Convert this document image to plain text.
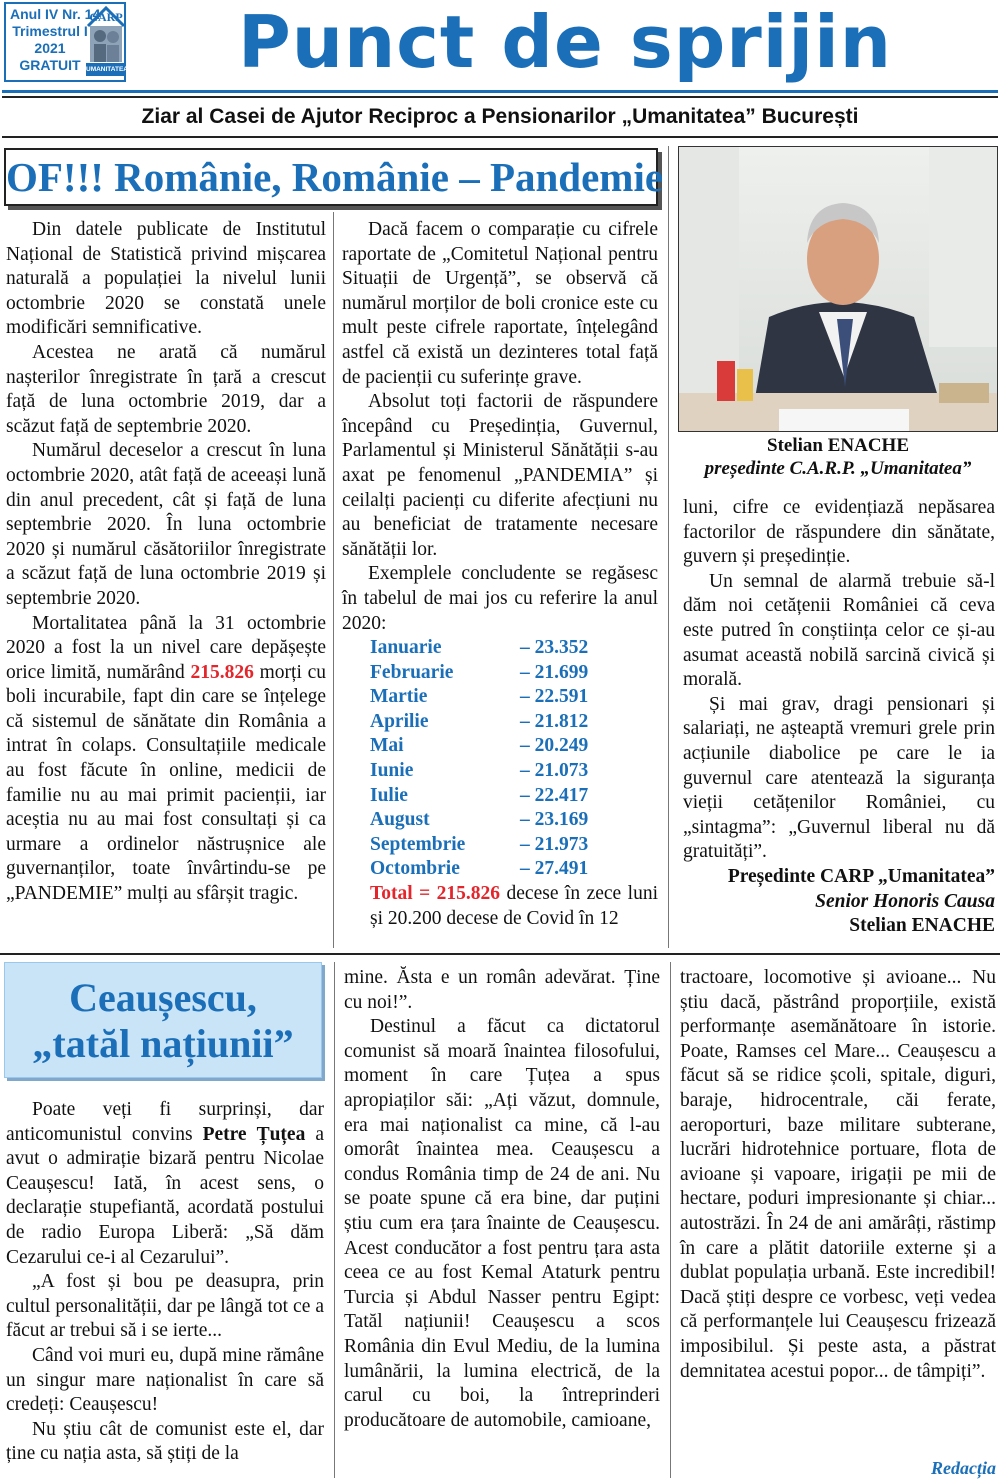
Anul IV Nr. 14
Trimestrul I
2021
GRATUIT
CARP
UMANITATEA	Punct de sprijin
Ziar al Casei de Ajutor Reciproc a Pensionarilor „Umanitatea” București
OF!!! Românie, Românie – Pandemie

Din datele publicate de Institutul Național de Statistică privind mișcarea naturală a populației la nivelul lunii octombrie 2020 se constată unele modificări semnificative.

Acestea ne arată că numărul nașterilor înregistrate în țară a crescut față de luna octombrie 2019, dar a scăzut față de septembrie 2020.

Numărul deceselor a crescut în luna octombrie 2020, atât față de aceeași lună din anul precedent, cât și față de luna septembrie 2020. În luna octombrie 2020 și numărul căsătoriilor înregistrate a scăzut față de luna octombrie 2019 și septembrie 2020.

Mortalitatea până la 31 octombrie 2020 a fost la un nivel care depășește orice limită, numărând 215.826 morți cu boli incurabile, fapt din care se înțelege că sistemul de sănătate din România a intrat în colaps. Consultațiile medicale au fost făcute în online, medicii de familie nu au mai primit pacienții, iar aceștia nu au mai fost consultați și ca urmare a ordinelor năstrușnice ale guvernanților, toate învârtindu-se pe „PANDEMIE” mulți au sfârșit tragic.

Dacă facem o comparație cu cifrele raportate de „Comitetul Național pentru Situații de Urgență”, se observă că numărul morților de boli cronice este cu mult peste cifrele raportate, înțelegând astfel că există un dezinteres total față de pacienții cu suferințe grave.

Absolut toți factorii de răspundere începând cu Președinția, Guvernul, Parlamentul și Ministerul Sănătății s-au axat pe fenomenul „PANDEMIA” și ceilalți pacienți cu diferite afecțiuni nu au beneficiat de tratamente necesare sănătății lor.

Exemplele concludente se regăsesc în tabelul de mai jos cu referire la anul 2020:

Ianuarie	– 23.352
Februarie	– 21.699
Martie	– 22.591
Aprilie	– 21.812
Mai	– 20.249
Iunie	– 21.073
Iulie	– 22.417
August	– 23.169
Septembrie	– 21.973
Octombrie	– 27.491

Total = 215.826 decese în zece luni și 20.200 decese de Covid în 12

Stelian ENACHE
președinte C.A.R.P. „Umanitatea”

luni, cifre ce evidențiază nepăsarea factorilor de răspundere din sănătate, guvern și președinție.

Un semnal de alarmă trebuie să-l dăm noi cetățenii României că ceva este putred în conștiința celor ce și-au asumat această nobilă sarcină civică și morală.

Și mai grav, dragi pensionari și salariați, ne așteaptă vremuri grele prin acțiunile diabolice pe care le ia guvernul care atentează la siguranța vieții cetățenilor României, cu „sintagma”: „Guvernul liberal nu dă gratuități”.

Președinte CARP „Umanitatea”

Senior Honoris Causa

Stelian ENACHE

Ceaușescu,
„tatăl națiunii”

Poate veți fi surprinși, dar anticomunistul convins Petre Țuțea a avut o admirație bizară pentru Nicolae Ceaușescu! Iată, în acest sens, o declarație stupefiantă, acordată postului de radio Europa Liberă: „Să dăm Cezarului ce-i al Cezarului”.

„A fost și bou pe deasupra, prin cultul personalității, dar pe lângă tot ce a făcut ar trebui să i se ierte...

Când voi muri eu, după mine rămâne un singur mare naționalist în care să credeți: Ceaușescu!

Nu știu cât de comunist este el, dar ține cu nația asta, să știți de la

mine. Ăsta e un român adevărat. Ține cu noi!”.

Destinul a făcut ca dictatorul comunist să moară înaintea filosofului, moment în care Țuțea a spus apropiaților săi: „Ați văzut, domnule, era mai naționalist ca mine, că l-au omorât înaintea mea. Ceaușescu a condus România timp de 24 de ani. Nu se poate spune că era bine, dar puțini știu cum era țara înainte de Ceaușescu. Acest conducător a fost pentru țara asta ceea ce au fost Kemal Ataturk pentru Turcia și Abdul Nasser pentru Egipt: Tatăl națiunii! Ceaușescu a scos România din Evul Mediu, de la lumina lumânării, la lumina electrică, de la carul cu boi, la întreprinderi producătoare de automobile, camioane,

tractoare, locomotive și avioane... Nu știu dacă, păstrând proporțiile, există performanțe asemănătoare în istorie. Poate, Ramses cel Mare... Ceaușescu a făcut să se ridice școli, spitale, diguri, baraje, hidrocentrale, căi ferate, aeroporturi, baze militare subterane, lucrări hidrotehnice portuare, flota de avioane și vapoare, irigații pe mii de hectare, poduri impresionante și chiar... autostrăzi. În 24 de ani amărâți, răstimp în care a plătit datoriile externe și a dublat populația urbană. Este incredibil! Dacă știți despre ce vorbesc, veți vedea că performanțele lui Ceaușescu frizează imposibilul. Și peste asta, a păstrat demnitatea acestui popor... de tâmpiți”.

Redacția
